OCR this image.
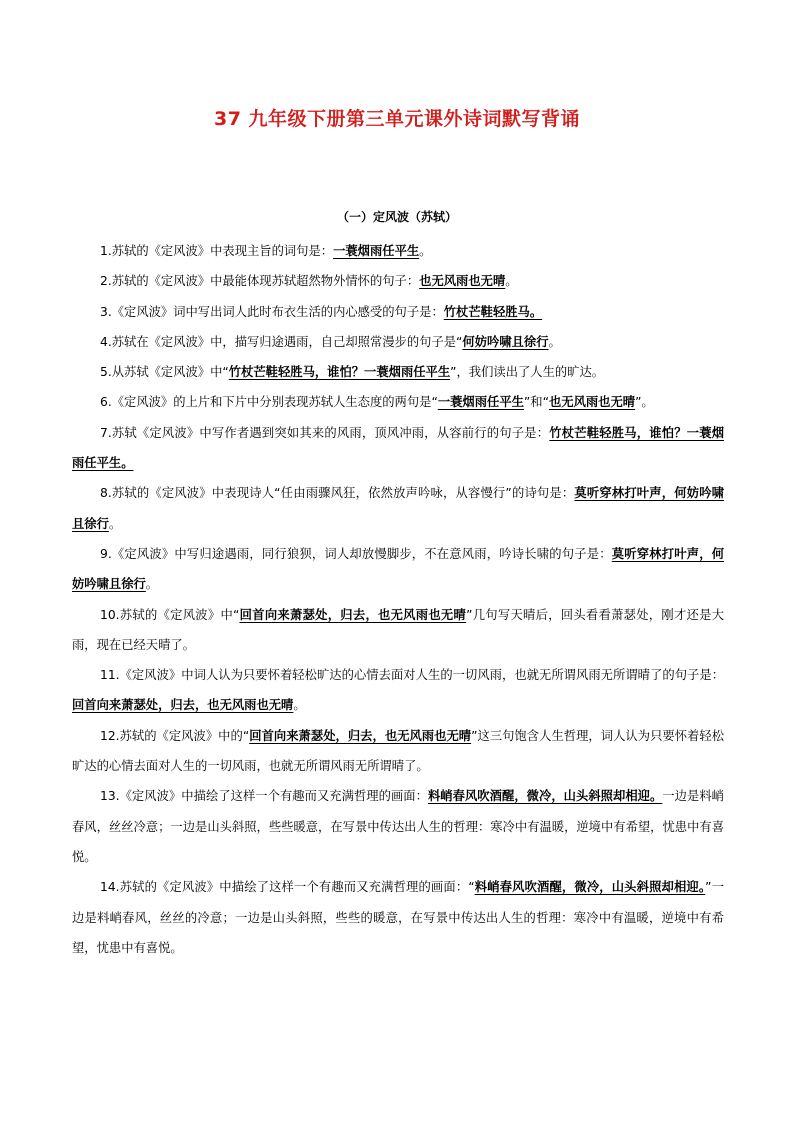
37 九年级下册第三单元课外诗词默写背诵
（一）定风波（苏轼）
1.苏轼的《定风波》中表现主旨的词句是：一蓑烟雨任平生。
2.苏轼的《定风波》中最能体现苏轼超然物外情怀的句子：也无风雨也无晴。
3.《定风波》词中写出词人此时布衣生活的内心感受的句子是：竹杖芒鞋轻胜马。
4.苏轼在《定风波》中，描写归途遇雨，自己却照常漫步的句子是“何妨吟啸且徐行。
5.从苏轼《定风波》中“竹杖芒鞋轻胜马，谁怕？一蓑烟雨任平生”，我们读出了人生的旷达。
6.《定风波》的上片和下片中分别表现苏轼人生态度的两句是“一蓑烟雨任平生”和“也无风雨也无晴”。
7.苏轼《定风波》中写作者遇到突如其来的风雨，顶风冲雨，从容前行的句子是：竹杖芒鞋轻胜马，谁怕？一蓑烟雨任平生。
8.苏轼的《定风波》中表现诗人“任由雨骤风狂，依然放声吟咏，从容慢行”的诗句是：莫听穿林打叶声，何妨吟啸且徐行。
9.《定风波》中写归途遇雨，同行狼狈，词人却放慢脚步，不在意风雨，吟诗长啸的句子是：莫听穿林打叶声，何妨吟啸且徐行。
10.苏轼的《定风波》中“回首向来萧瑟处，归去，也无风雨也无晴”几句写天晴后，回头看看萧瑟处，刚才还是大雨，现在已经天晴了。
11.《定风波》中词人认为只要怀着轻松旷达的心情去面对人生的一切风雨，也就无所谓风雨无所谓晴了的句子是：回首向来萧瑟处，归去，也无风雨也无晴。
12.苏轼的《定风波》中的“回首向来萧瑟处，归去，也无风雨也无晴”这三句饱含人生哲理，词人认为只要怀着轻松旷达的心情去面对人生的一切风雨，也就无所谓风雨无所谓晴了。
13.《定风波》中描绘了这样一个有趣而又充满哲理的画面：料峭春风吹酒醒，微冷，山头斜照却相迎。一边是料峭春风，丝丝冷意；一边是山头斜照，些些暖意，在写景中传达出人生的哲理：寒冷中有温暖，逆境中有希望，忧患中有喜悦。
14.苏轼的《定风波》中描绘了这样一个有趣而又充满哲理的画面：“料峭春风吹酒醒，微冷，山头斜照却相迎。”一边是料峭春风，丝丝的冷意；一边是山头斜照，些些的暖意，在写景中传达出人生的哲理：寒冷中有温暖，逆境中有希望，忧患中有喜悦。
